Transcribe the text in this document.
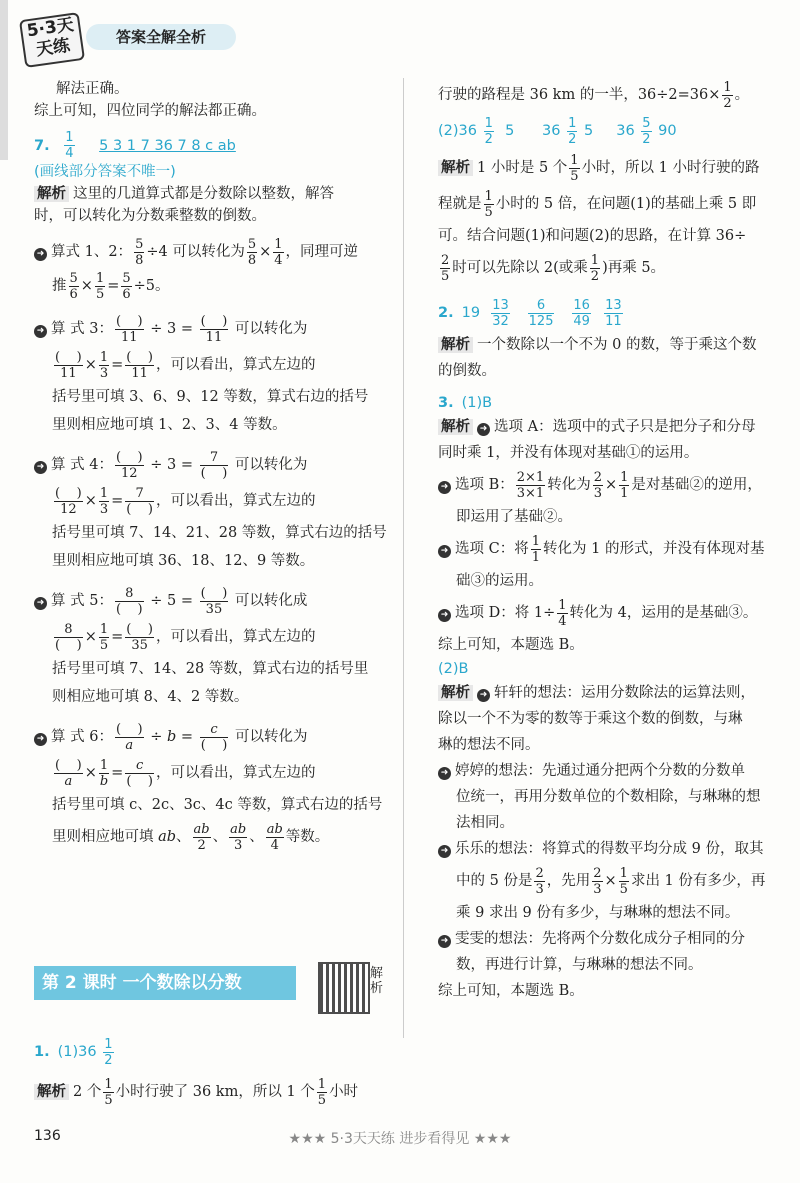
5·3天天练	答案全解全析

解法正确。

综上可知，四位同学的解法都正确。

7. $\frac{1}{4} 5$ 3 1 7 36 7 8 c ab

(画线部分答案不唯一)

解析 这里的几道算式都是分数除以整数，解答

时，可以转化为分数乘整数的倒数。

➜ 算式 1、2： $\frac{5}{8} \div 4$ 可以转化为 $\frac{5}{8} \times \frac{1}{4}$ ，同理可逆

推 $\frac{5}{6} \times \frac{1}{5} = \frac{5}{6} \div 5$。

➜ 算 式 3： $\frac{( )}{11} \div 3 = \frac{( )}{11}$ 可以转化为

$\frac{( )}{11} \times \frac{1}{3} = \frac{( )}{11}$ ，可以看出，算式左边的

括号里可填 3、6、9、12 等数，算式右边的括号

里则相应地可填 1、2、3、4 等数。

➜ 算 式 4： $\frac{( )}{12} \div 3 = \frac{7}{( )}$ 可以转化为

$\frac{( )}{12} \times \frac{1}{3} = \frac{7}{( )}$ ，可以看出，算式左边的

括号里可填 7、14、21、28 等数，算式右边的括号

里则相应地可填 36、18、12、9 等数。

➜ 算 式 5： $\frac{8}{( )} \div 5 = \frac{( )}{35}$ 可以转化成

$\frac{8}{( )} \times \frac{1}{5} = \frac{( )}{35}$ ，可以看出，算式左边的

括号里可填 7、14、28 等数，算式右边的括号里

则相应地可填 8、4、2 等数。

➜ 算 式 6： $\frac{( )}{a} \div b = \frac{c}{( )}$ 可以转化为

$\frac{( )}{a} \times \frac{1}{b} = \frac{c}{( )}$ ，可以看出，算式左边的

括号里可填 c、2c、3c、4c 等数，算式右边的括号

里则相应地可填 ab、 $\frac{ab}{2}$ 、 $\frac{ab}{3}$ 、 $\frac{ab}{4}$ 等数。

第 2 课时 一个数除以分数	解析

1. $(1)36 \frac{1}{2}$

解析 2 个 $\frac{1}{5}$ 小时行驶了 36 km，所以 1 个 $\frac{1}{5}$ 小时

行驶的路程是 36 km 的一半，$36\div 2=36\times \frac{1}{2}$ 。

$(2)36 \frac{1}{2} 5$      $36 \frac{1}{2} 5$     $36 \frac{5}{2} 90$

解析 1 小时是 5 个 $\frac{1}{5}$ 小时，所以 1 小时行驶的路

程就是 $\frac{1}{5}$ 小时的 5 倍，在问题(1)的基础上乘 5 即

可。结合问题(1)和问题(2)的思路，在计算 36÷

$\frac{2}{5}$ 时可以先除以 2(或乘 $\frac{1}{2}$ )再乘 5。

2. $19 \frac{13}{32}$
$\frac{6}{125}$
$\frac{16}{49}$
$\frac{13}{11}$

解析 一个数除以一个不为 0 的数，等于乘这个数

的倒数。

3. (1)B

解析 ➜ 选项 A：选项中的式子只是把分子和分母

同时乘 1，并没有体现对基础①的运用。

➜ 选项 B： $\frac{2\times 1}{3\times 1}$ 转化为 $\frac{2}{3} \times \frac{1}{1}$ 是对基础②的逆用，

即运用了基础②。

➜ 选项 C：将 $\frac{1}{1}$ 转化为 1 的形式，并没有体现对基

础③的运用。

➜ 选项 D：将 $1\div \frac{1}{4}$ 转化为 4，运用的是基础③。

综上可知，本题选 B。

(2)B

解析 ➜ 轩轩的想法：运用分数除法的运算法则，

除以一个不为零的数等于乘这个数的倒数，与琳

琳的想法不同。

➜ 婷婷的想法：先通过通分把两个分数的分数单

位统一，再用分数单位的个数相除，与琳琳的想

法相同。

➜ 乐乐的想法：将算式的得数平均分成 9 份，取其

中的 5 份是 $\frac{2}{3}$ ，先用 $\frac{2}{3} \times \frac{1}{5}$ 求出 1 份有多少，再

乘 9 求出 9 份有多少，与琳琳的想法不同。

➜ 雯雯的想法：先将两个分数化成分子相同的分

数，再进行计算，与琳琳的想法不同。

综上可知，本题选 B。

136	★★★ 5·3天天练 进步看得见 ★★★
